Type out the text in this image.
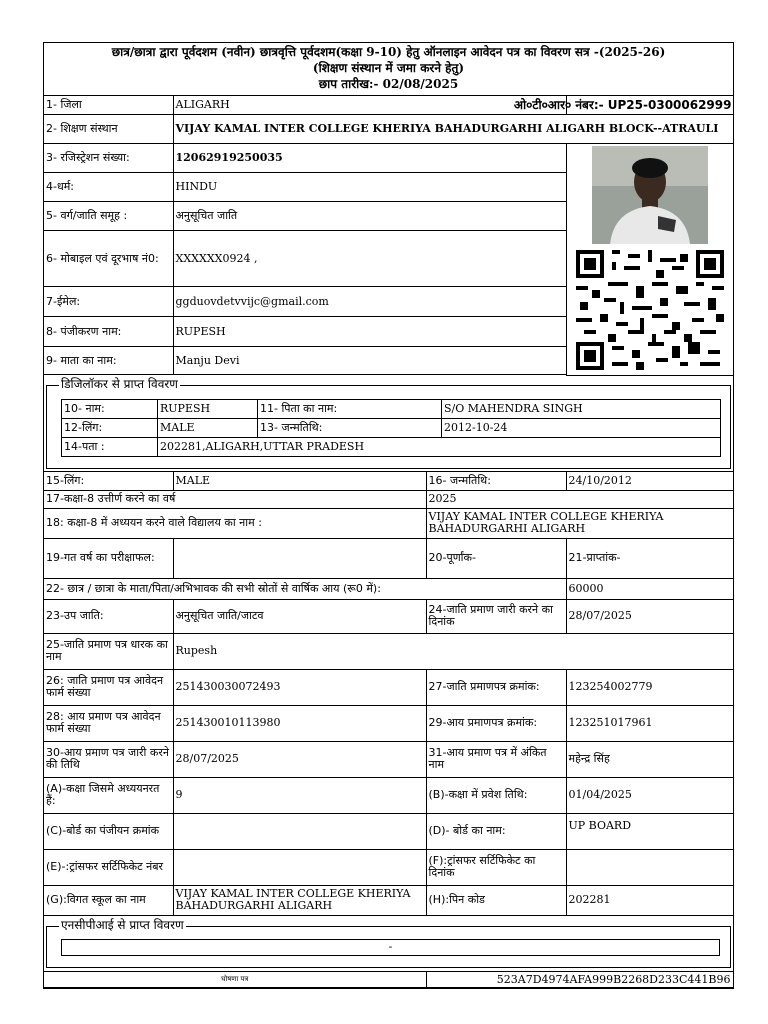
छात्र/छात्रा द्वारा पूर्वदशम (नवीन) छात्रवृत्ति पूर्वदशम(कक्षा 9-10) हेतु ऑनलाइन आवेदन पत्र का विवरण सत्र -(2025-26)
(शिक्षण संस्थान में जमा करने हेतु)
छाप तारीख:- 02/08/2025
1- जिला	ALIGARH	ओ०टी०आर० नंबर:- UP25-0300062999

2- शिक्षण संस्थान	VIJAY KAMAL INTER COLLEGE KHERIYA BAHADURGARHI ALIGARH BLOCK--ATRAULI	
3- रजिस्ट्रेशन संख्या:	12062919250035	

4-धर्म:	HINDU	
5- वर्ग/जाति समूह :	अनुसूचित जाति	
6- मोबाइल एवं दूरभाष नं0:	XXXXXX0924 ,	
7-ईमेल:	ggduovdetvvijc@gmail.com	
8- पंजीकरण नाम:	RUPESH	
9- माता का नाम:	Manju Devi	

डिजिलॉकर से प्राप्त विवरण
10- नाम:	RUPESH	11- पिता का नाम:	S/O MAHENDRA SINGH
12-लिंग:	MALE	13- जन्मतिथि:	2012-10-24
14-पता :	202281,ALIGARH,UTTAR PRADESH		
15-लिंग:	MALE	16- जन्मतिथि:	24/10/2012
17-कक्षा-8 उत्तीर्ण करने का वर्ष		2025	
18: कक्षा-8 में अध्ययन करने वाले विद्यालय का नाम :		VIJAY KAMAL INTER COLLEGE KHERIYA BAHADURGARHI ALIGARH	
19-गत वर्ष का परीक्षाफल:		20-पूर्णांक-	21-प्राप्तांक-
22- छात्र / छात्रा के माता/पिता/अभिभावक की सभी स्रोतों से वार्षिक आय (रू0 में):			60000
23-उप जाति:	अनुसूचित जाति/जाटव	24-जाति प्रमाण जारी करने का दिनांक	28/07/2025
25-जाति प्रमाण पत्र धारक का नाम	Rupesh		
26: जाति प्रमाण पत्र आवेदन फार्म संख्या	251430030072493	27-जाति प्रमाणपत्र क्रमांक:	123254002779
28: आय प्रमाण पत्र आवेदन फार्म संख्या	251430010113980	29-आय प्रमाणपत्र क्रमांक:	123251017961
30-आय प्रमाण पत्र जारी करने की तिथि	28/07/2025	31-आय प्रमाण पत्र में अंकित नाम	महेन्द्र सिंह
(A)-कक्षा जिसमे अध्ययनरत हैं:	9	(B)-कक्षा में प्रवेश तिथि:	01/04/2025
(C)-बोर्ड का पंजीयन क्रमांक		(D)- बोर्ड का नाम:	UP BOARD
(E)-:ट्रांसफर सर्टिफिकेट नंबर		(F):ट्रांसफर सर्टिफिकेट का दिनांक	
(G):विगत स्कूल का नाम	VIJAY KAMAL INTER COLLEGE KHERIYA BAHADURGARHI ALIGARH	(H):पिन कोड	202281
एनसीपीआई से प्राप्त विवरण
-
घोषणा पत्र	523A7D4974AFA999B2268D233C441B96
